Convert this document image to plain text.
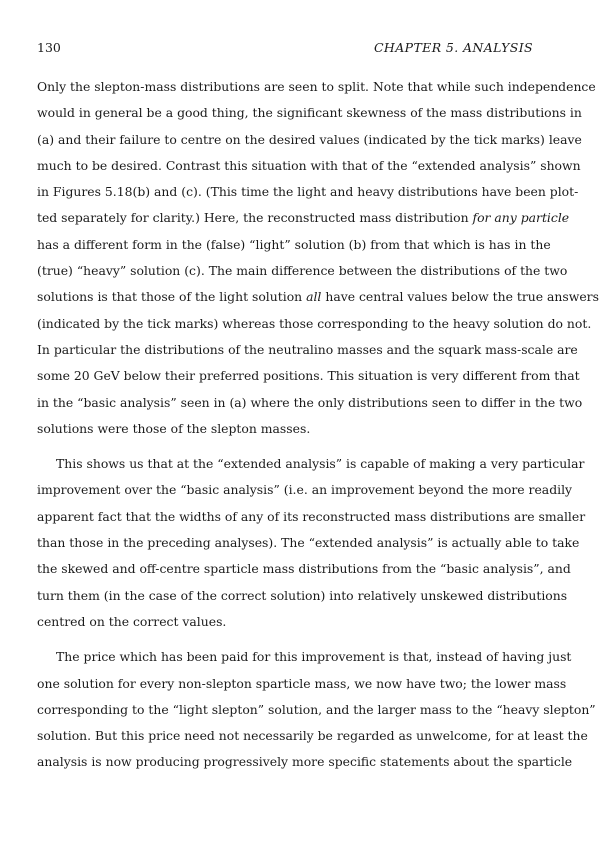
130	CHAPTER 5. ANALYSIS
Only the slepton-mass distributions are seen to split. Note that while such independence
would in general be a good thing, the significant skewness of the mass distributions in
(a) and their failure to centre on the desired values (indicated by the tick marks) leave
much to be desired. Contrast this situation with that of the “extended analysis” shown
in Figures 5.18(b) and (c). (This time the light and heavy distributions have been plot-
ted separately for clarity.) Here, the reconstructed mass distribution for any particle
has a different form in the (false) “light” solution (b) from that which is has in the
(true) “heavy” solution (c). The main difference between the distributions of the two
solutions is that those of the light solution all have central values below the true answers
(indicated by the tick marks) whereas those corresponding to the heavy solution do not.
In particular the distributions of the neutralino masses and the squark mass-scale are
some 20 GeV below their preferred positions. This situation is very different from that
in the “basic analysis” seen in (a) where the only distributions seen to differ in the two
solutions were those of the slepton masses.
This shows us that at the “extended analysis” is capable of making a very particular
improvement over the “basic analysis” (i.e. an improvement beyond the more readily
apparent fact that the widths of any of its reconstructed mass distributions are smaller
than those in the preceding analyses). The “extended analysis” is actually able to take
the skewed and off-centre sparticle mass distributions from the “basic analysis”, and
turn them (in the case of the correct solution) into relatively unskewed distributions
centred on the correct values.
The price which has been paid for this improvement is that, instead of having just
one solution for every non-slepton sparticle mass, we now have two; the lower mass
corresponding to the “light slepton” solution, and the larger mass to the “heavy slepton”
solution. But this price need not necessarily be regarded as unwelcome, for at least the
analysis is now producing progressively more specific statements about the sparticle
